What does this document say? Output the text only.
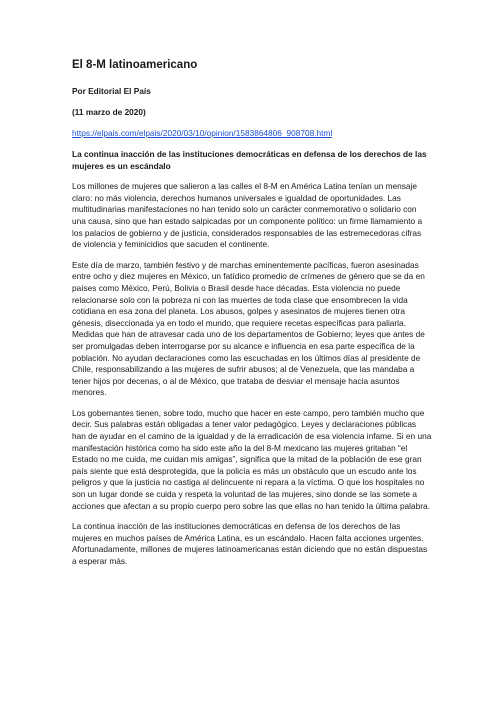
El 8-M latinoamericano
Por Editorial El País
(11 marzo de 2020)
https://elpais.com/elpais/2020/03/10/opinion/1583864806_908708.html
La continua inacción de las instituciones democráticas en defensa de los derechos de las mujeres es un escándalo

Los millones de mujeres que salieron a las calles el 8-M en América Latina tenían un mensaje claro: no más violencia, derechos humanos universales e igualdad de oportunidades. Las multitudinarias manifestaciones no han tenido solo un carácter conmemorativo o solidario con una causa, sino que han estado salpicadas por un componente político: un firme llamamiento a los palacios de gobierno y de justicia, considerados responsables de las estremecedoras cifras de violencia y feminicidios que sacuden el continente.

Este día de marzo, también festivo y de marchas eminentemente pacíficas, fueron asesinadas entre ocho y diez mujeres en México, un fatídico promedio de crímenes de género que se da en países como México, Perú, Bolivia o Brasil desde hace décadas. Esta violencia no puede relacionarse solo con la pobreza ni con las muertes de toda clase que ensombrecen la vida cotidiana en esa zona del planeta. Los abusos, golpes y asesinatos de mujeres tienen otra génesis, diseccionada ya en todo el mundo, que requiere recetas específicas para paliarla. Medidas que han de atravesar cada uno de los departamentos de Gobierno; leyes que antes de ser promulgadas deben interrogarse por su alcance e influencia en esa parte específica de la población. No ayudan declaraciones como las escuchadas en los últimos días al presidente de Chile, responsabilizando a las mujeres de sufrir abusos; al de Venezuela, que las mandaba a tener hijos por decenas, o al de México, que trataba de desviar el mensaje hacia asuntos menores.

Los gobernantes tienen, sobre todo, mucho que hacer en este campo, pero también mucho que decir. Sus palabras están obligadas a tener valor pedagógico. Leyes y declaraciones públicas han de ayudar en el camino de la igualdad y de la erradicación de esa violencia infame. Si en una manifestación histórica como ha sido este año la del 8-M mexicano las mujeres gritaban “el Estado no me cuida, me cuidan mis amigas”, significa que la mitad de la población de ese gran país siente que está desprotegida, que la policía es más un obstáculo que un escudo ante los peligros y que la justicia no castiga al delincuente ni repara a la víctima. O que los hospitales no son un lugar donde se cuida y respeta la voluntad de las mujeres, sino donde se las somete a acciones que afectan a su propio cuerpo pero sobre las que ellas no han tenido la última palabra.

La continua inacción de las instituciones democráticas en defensa de los derechos de las mujeres en muchos países de América Latina, es un escándalo. Hacen falta acciones urgentes. Afortunadamente, millones de mujeres latinoamericanas están diciendo que no están dispuestas a esperar más.
